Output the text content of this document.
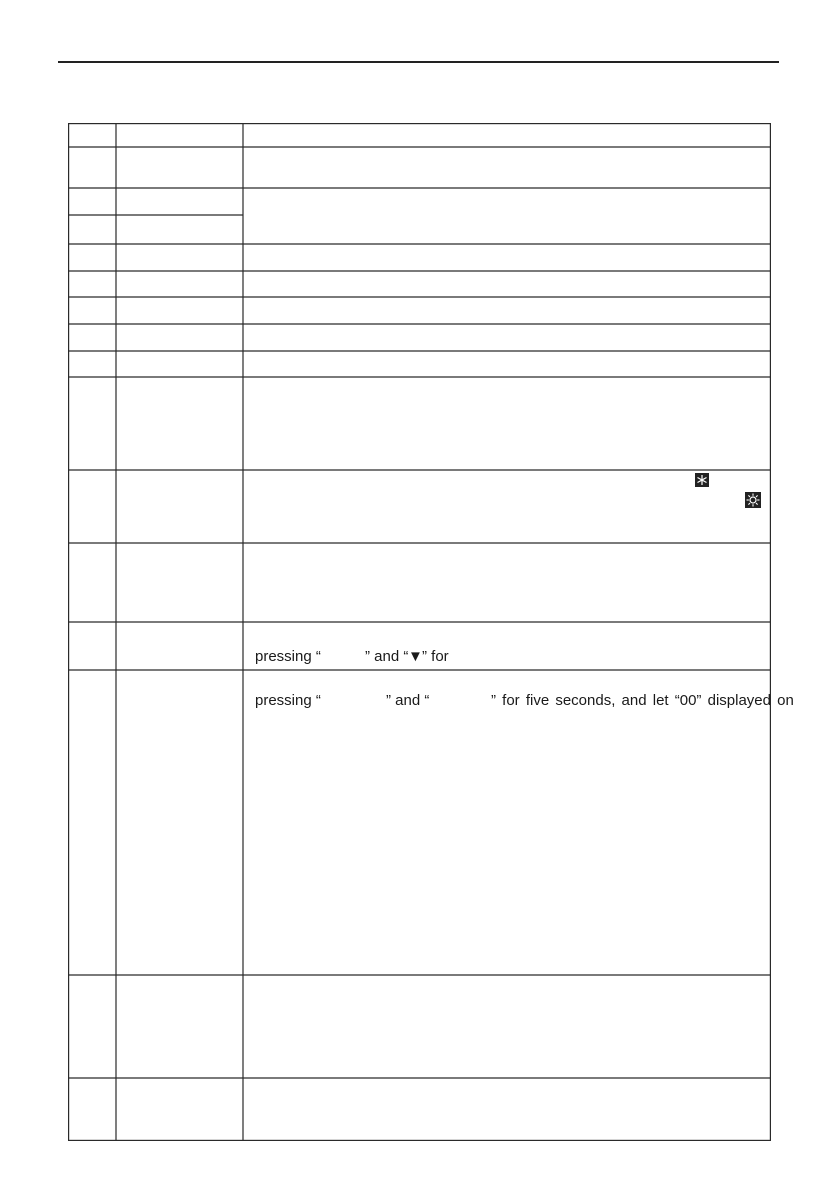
pressing “	” and “ ▼ ” for
pressing “	” and “	” for five seconds, and let “00” displayed on
